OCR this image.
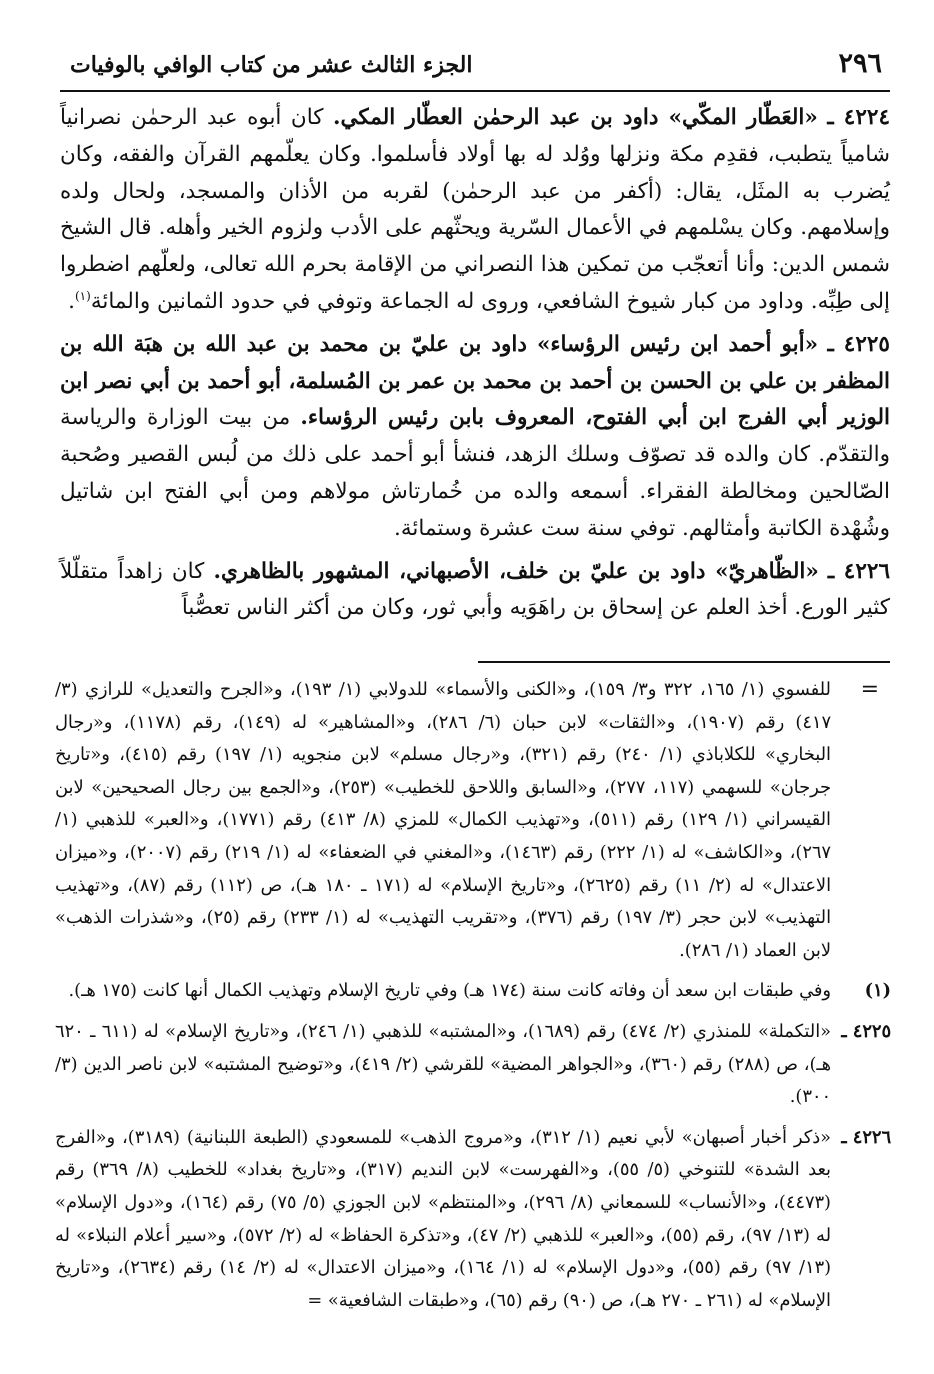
٢٩٦
الجزء الثالث عشر من كتاب الوافي بالوفيات

٤٢٢٤ ـ «العَطّار المكّي» داود بن عبد الرحمٰن العطّار المكي. كان أبوه عبد الرحمٰن نصرانياً شامياً يتطبب، فقدِم مكة ونزلها ووُلد له بها أولاد فأسلموا. وكان يعلّمهم القرآن والفقه، وكان يُضرب به المثَل، يقال: (أكفر من عبد الرحمٰن) لقربه من الأذان والمسجد، ولحال ولده وإسلامهم. وكان يسْلمهم في الأعمال السّرية ويحثّهم على الأدب ولزوم الخير وأهله. قال الشيخ شمس الدين: وأنا أتعجّب من تمكين هذا النصراني من الإقامة بحرم الله تعالى، ولعلّهم اضطروا إلى طِبِّه. وداود من كبار شيوخ الشافعي، وروى له الجماعة وتوفي في حدود الثمانين والمائة$^{(١)}$.

٤٢٢٥ ـ «أبو أحمد ابن رئيس الرؤساء» داود بن عليّ بن محمد بن عبد الله بن هبَة الله بن المظفر بن علي بن الحسن بن أحمد بن محمد بن عمر بن المُسلمة، أبو أحمد بن أبي نصر ابن الوزير أبي الفرج ابن أبي الفتوح، المعروف بابن رئيس الرؤساء. من بيت الوزارة والرياسة والتقدّم. كان والده قد تصوّف وسلك الزهد، فنشأ أبو أحمد على ذلك من لُبس القصير وصُحبة الصّالحين ومخالطة الفقراء. أسمعه والده من خُمارتاش مولاهم ومن أبي الفتح ابن شاتيل وشُهْدة الكاتبة وأمثالهم. توفي سنة ست عشرة وستمائة.

٤٢٢٦ ـ «الظّاهريّ» داود بن عليّ بن خلف، الأصبهاني، المشهور بالظاهري. كان زاهداً متقلّلاً كثير الورع. أخذ العلم عن إسحاق بن راهَوَيه وأبي ثور، وكان من أكثر الناس تعصُّباً

=
للفسوي (١/ ١٦٥، ٣٢٢ و٣/ ١٥٩)، و«الكنى والأسماء» للدولابي (١/ ١٩٣)، و«الجرح والتعديل» للرازي (٣/ ٤١٧) رقم (١٩٠٧)، و«الثقات» لابن حبان (٦/ ٢٨٦)، و«المشاهير» له (١٤٩)، رقم (١١٧٨)، و«رجال البخاري» للكلاباذي (١/ ٢٤٠) رقم (٣٢١)، و«رجال مسلم» لابن منجويه (١/ ١٩٧) رقم (٤١٥)، و«تاريخ جرجان» للسهمي (١١٧، ٢٧٧)، و«السابق واللاحق للخطيب» (٢٥٣)، و«الجمع بين رجال الصحيحين» لابن القيسراني (١/ ١٢٩) رقم (٥١١)، و«تهذيب الكمال» للمزي (٨/ ٤١٣) رقم (١٧٧١)، و«العبر» للذهبي (١/ ٢٦٧)، و«الكاشف» له (١/ ٢٢٢) رقم (١٤٦٣)، و«المغني في الضعفاء» له (١/ ٢١٩) رقم (٢٠٠٧)، و«ميزان الاعتدال» له (٢/ ١١) رقم (٢٦٢٥)، و«تاريخ الإسلام» له (١٧١ ـ ١٨٠ هـ)، ص (١١٢) رقم (٨٧)، و«تهذيب التهذيب» لابن حجر (٣/ ١٩٧) رقم (٣٧٦)، و«تقريب التهذيب» له (١/ ٢٣٣) رقم (٢٥)، و«شذرات الذهب» لابن العماد (١/ ٢٨٦).
(١)
وفي طبقات ابن سعد أن وفاته كانت سنة (١٧٤ هـ) وفي تاريخ الإسلام وتهذيب الكمال أنها كانت (١٧٥ هـ).
٤٢٢٥ ـ
«التكملة» للمنذري (٢/ ٤٧٤) رقم (١٦٨٩)، و«المشتبه» للذهبي (١/ ٢٤٦)، و«تاريخ الإسلام» له (٦١١ ـ ٦٢٠ هـ)، ص (٢٨٨) رقم (٣٦٠)، و«الجواهر المضية» للقرشي (٢/ ٤١٩)، و«توضيح المشتبه» لابن ناصر الدين (٣/ ٣٠٠).
٤٢٢٦ ـ
«ذكر أخبار أصبهان» لأبي نعيم (١/ ٣١٢)، و«مروج الذهب» للمسعودي (الطبعة اللبنانية) (٣١٨٩)، و«الفرج بعد الشدة» للتنوخي (٥/ ٥٥)، و«الفهرست» لابن النديم (٣١٧)، و«تاريخ بغداد» للخطيب (٨/ ٣٦٩) رقم (٤٤٧٣)، و«الأنساب» للسمعاني (٨/ ٢٩٦)، و«المنتظم» لابن الجوزي (٥/ ٧٥) رقم (١٦٤)، و«دول الإسلام» له (١٣/ ٩٧)، رقم (٥٥)، و«العبر» للذهبي (٢/ ٤٧)، و«تذكرة الحفاظ» له (٢/ ٥٧٢)، و«سير أعلام النبلاء» له (١٣/ ٩٧) رقم (٥٥)، و«دول الإسلام» له (١/ ١٦٤)، و«ميزان الاعتدال» له (٢/ ١٤) رقم (٢٦٣٤)، و«تاريخ الإسلام» له (٢٦١ ـ ٢٧٠ هـ)، ص (٩٠) رقم (٦٥)، و«طبقات الشافعية» =
